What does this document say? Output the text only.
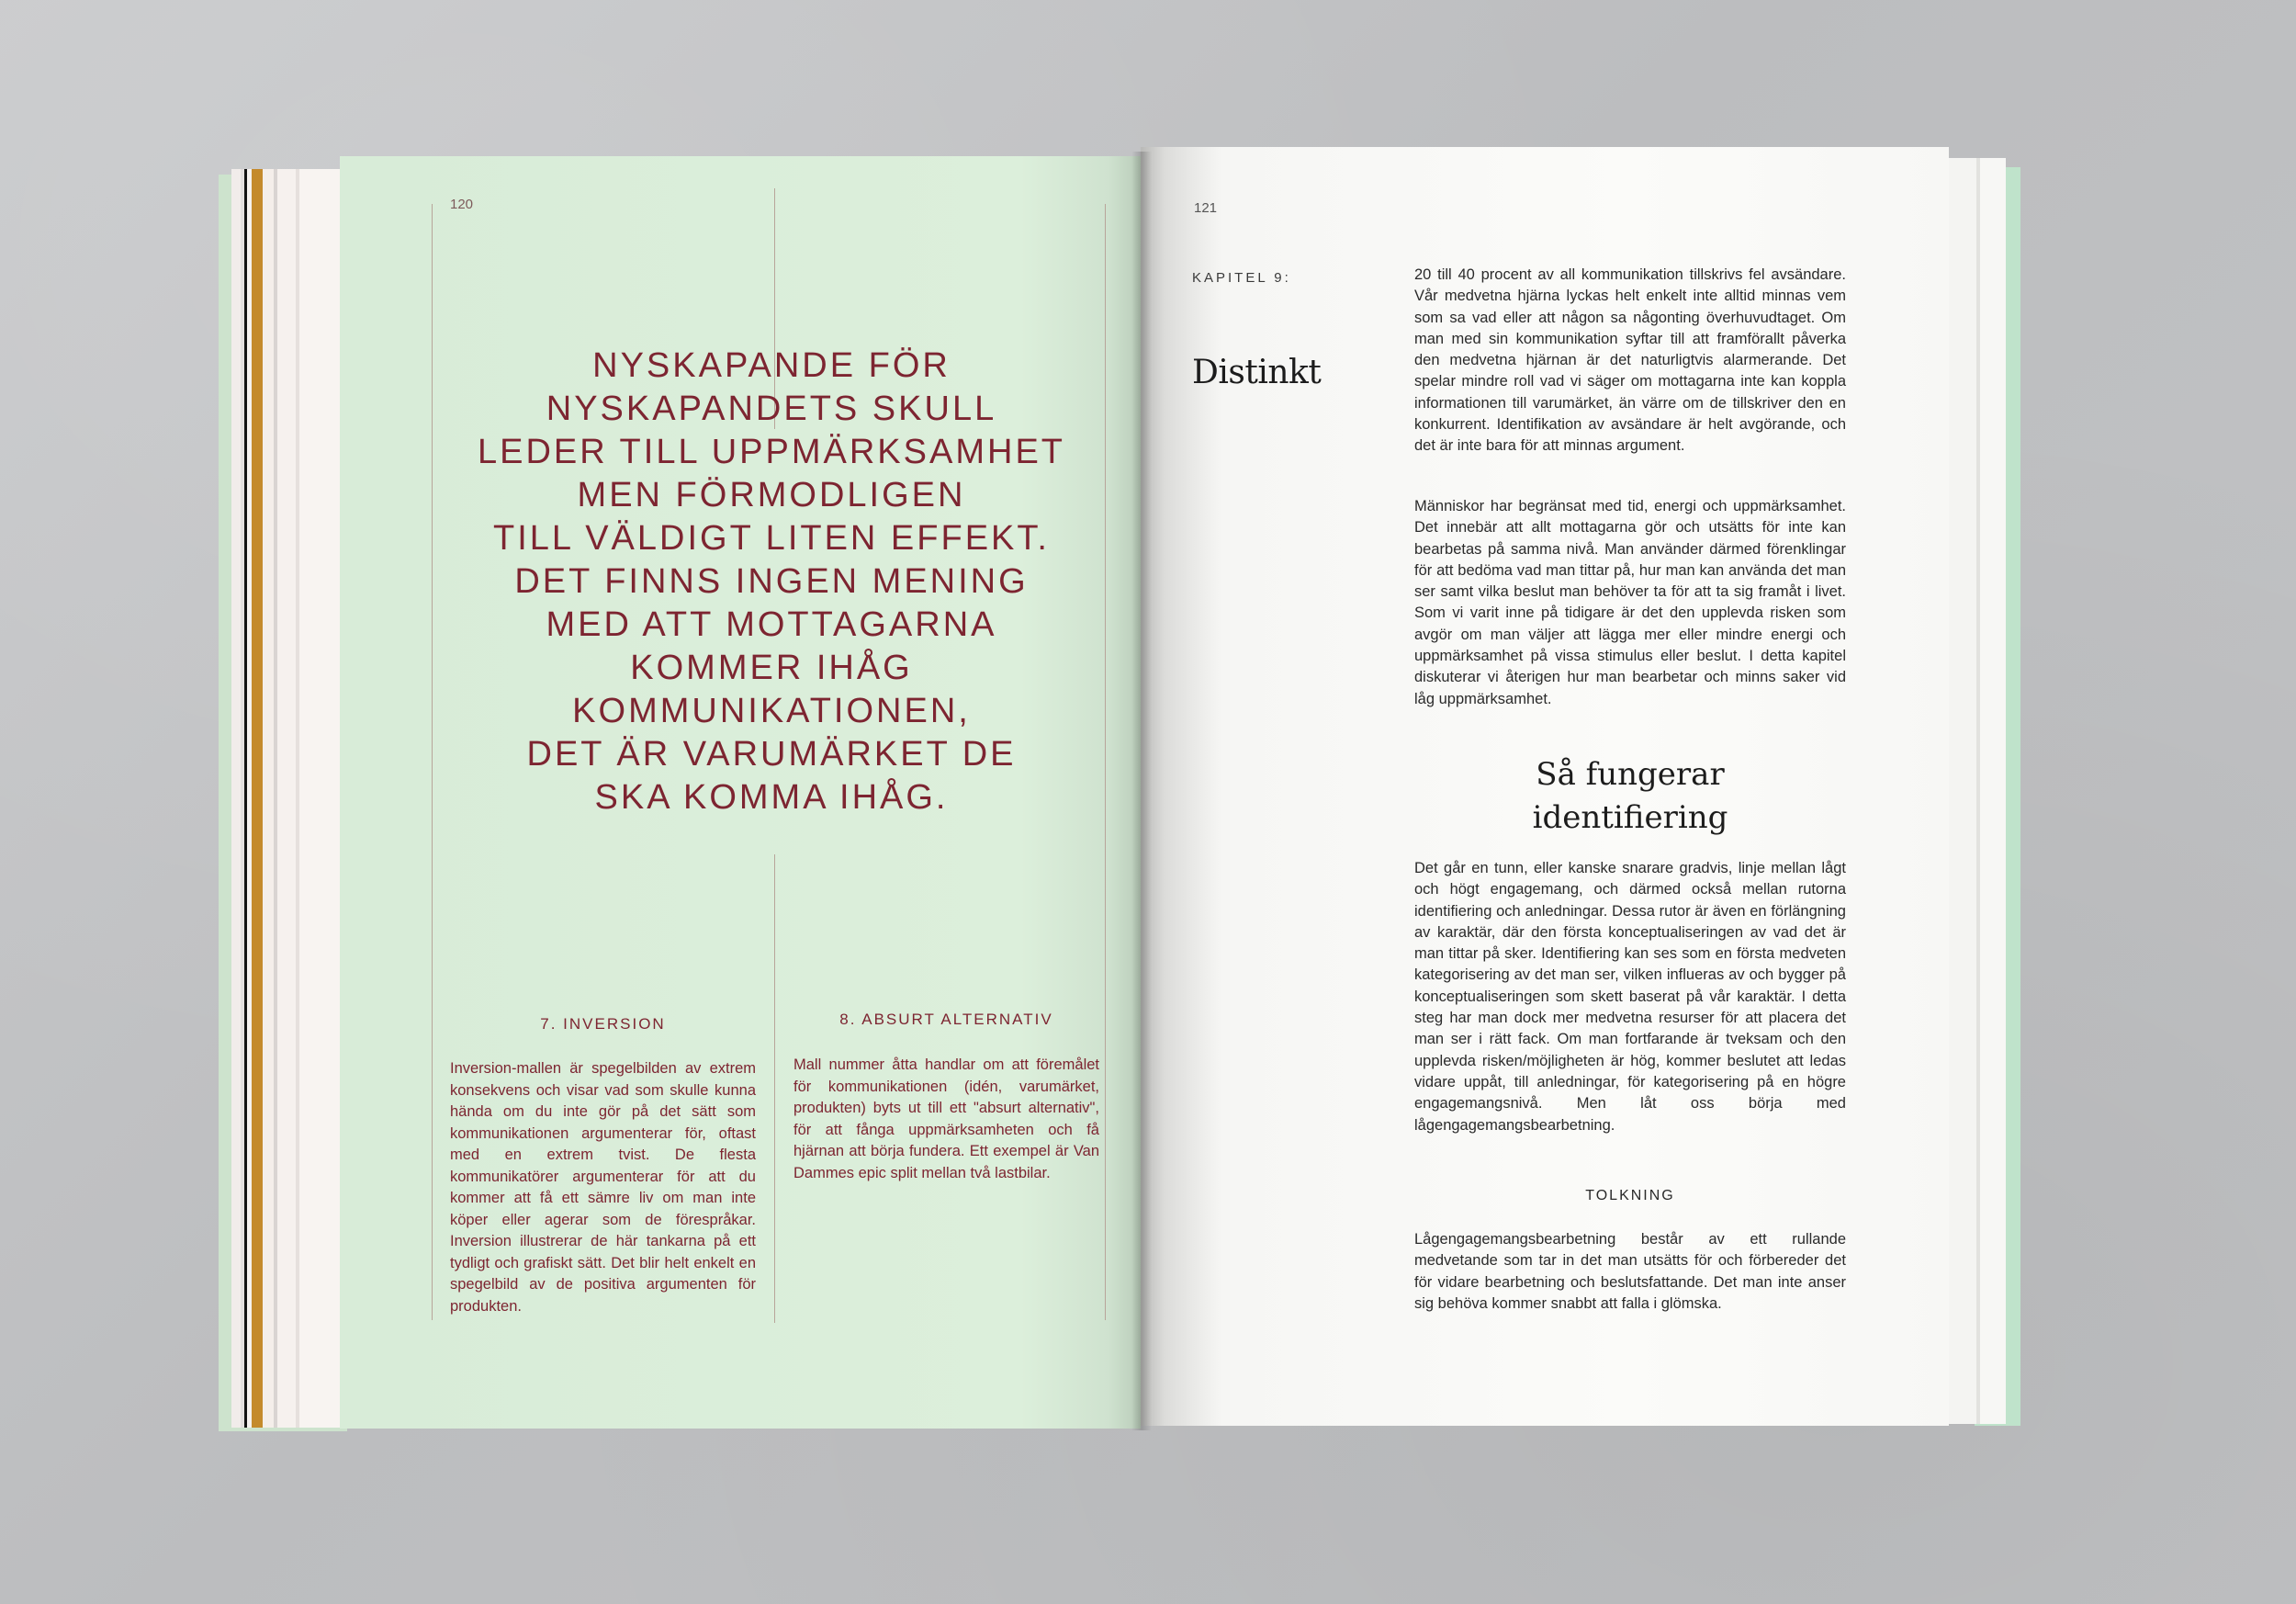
120
NYSKAPANDE FÖR
NYSKAPANDETS SKULL
LEDER TILL UPPMÄRKSAMHET
MEN FÖRMODLIGEN
TILL VÄLDIGT LITEN EFFEKT.
DET FINNS INGEN MENING
MED ATT MOTTAGARNA
KOMMER IHÅG
KOMMUNIKATIONEN,
DET ÄR VARUMÄRKET DE
SKA KOMMA IHÅG.
7. INVERSION
Inversion-mallen är spegelbilden av extrem konsekvens och visar vad som skulle kunna hända om du inte gör på det sätt som kommunikationen argumenterar för, oftast med en extrem tvist. De flesta kommunikatörer argumenterar för att du kommer att få ett sämre liv om man inte köper eller agerar som de förespråkar. Inversion illustrerar de här tankarna på ett tydligt och grafiskt sätt. Det blir helt enkelt en spegelbild av de positiva argumenten för produkten.
8. ABSURT ALTERNATIV
Mall nummer åtta handlar om att föremålet för kommunikationen (idén, varumärket, produkten) byts ut till ett "absurt alternativ", för att fånga uppmärksamheten och få hjärnan att börja fundera. Ett exempel är Van Dammes epic split mellan två lastbilar.
121
KAPITEL 9:
Distinkt

20 till 40 procent av all kommunikation tillskrivs fel avsändare. Vår medvetna hjärna lyckas helt enkelt inte alltid minnas vem som sa vad eller att någon sa någonting överhuvudtaget. Om man med sin kommunikation syftar till att framförallt påverka den medvetna hjärnan är det naturligtvis alarmerande. Det spelar mindre roll vad vi säger om mottagarna inte kan koppla informationen till varumärket, än värre om de tillskriver den en konkurrent. Identifikation av avsändare är helt avgörande, och det är inte bara för att minnas argument.

Människor har begränsat med tid, energi och uppmärksamhet. Det innebär att allt mottagarna gör och utsätts för inte kan bearbetas på samma nivå. Man använder därmed förenklingar för att bedöma vad man tittar på, hur man kan använda det man ser samt vilka beslut man behöver ta för att ta sig framåt i livet. Som vi varit inne på tidigare är det den upplevda risken som avgör om man väljer att lägga mer eller mindre energi och uppmärksamhet på vissa stimulus eller beslut. I detta kapitel diskuterar vi återigen hur man bearbetar och minns saker vid låg uppmärksamhet.

Så fungerar
identifiering

Det går en tunn, eller kanske snarare gradvis, linje mellan lågt och högt engagemang, och därmed också mellan rutorna identifiering och anledningar. Dessa rutor är även en förlängning av karaktär, där den första konceptualiseringen av vad det är man tittar på sker. Identifiering kan ses som en första medveten kategorisering av det man ser, vilken influeras av och bygger på konceptualiseringen som skett baserat på vår karaktär. I detta steg har man dock mer medvetna resurser för att placera det man ser i rätt fack. Om man fortfarande är tveksam och den upplevda risken/möjligheten är hög, kommer beslutet att ledas vidare uppåt, till anledningar, för kategorisering på en högre engagemangsnivå. Men låt oss börja med lågengagemangsbearbetning.

TOLKNING

Lågengagemangsbearbetning består av ett rullande medvetande som tar in det man utsätts för och förbereder det för vidare bearbetning och beslutsfattande. Det man inte anser sig behöva kommer snabbt att falla i glömska.
